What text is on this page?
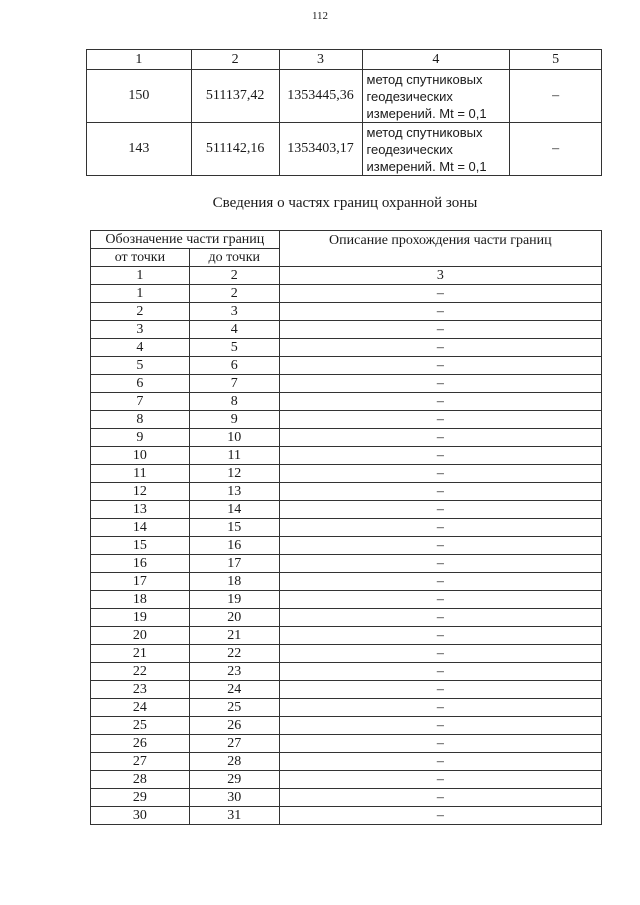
112
1	2	3	4	5
150	511137,42	1353445,36	метод спутниковых
геодезических
измерений. Mt = 0,1	–
143	511142,16	1353403,17	метод спутниковых
геодезических
измерений. Mt = 0,1	–
Сведения о частях границ охранной зоны
Обозначение части границ		Описание прохождения части границ
от точки	до точки	
1	2	3
1	2	–
2	3	–
3	4	–
4	5	–
5	6	–
6	7	–
7	8	–
8	9	–
9	10	–
10	11	–
11	12	–
12	13	–
13	14	–
14	15	–
15	16	–
16	17	–
17	18	–
18	19	–
19	20	–
20	21	–
21	22	–
22	23	–
23	24	–
24	25	–
25	26	–
26	27	–
27	28	–
28	29	–
29	30	–
30	31	–
